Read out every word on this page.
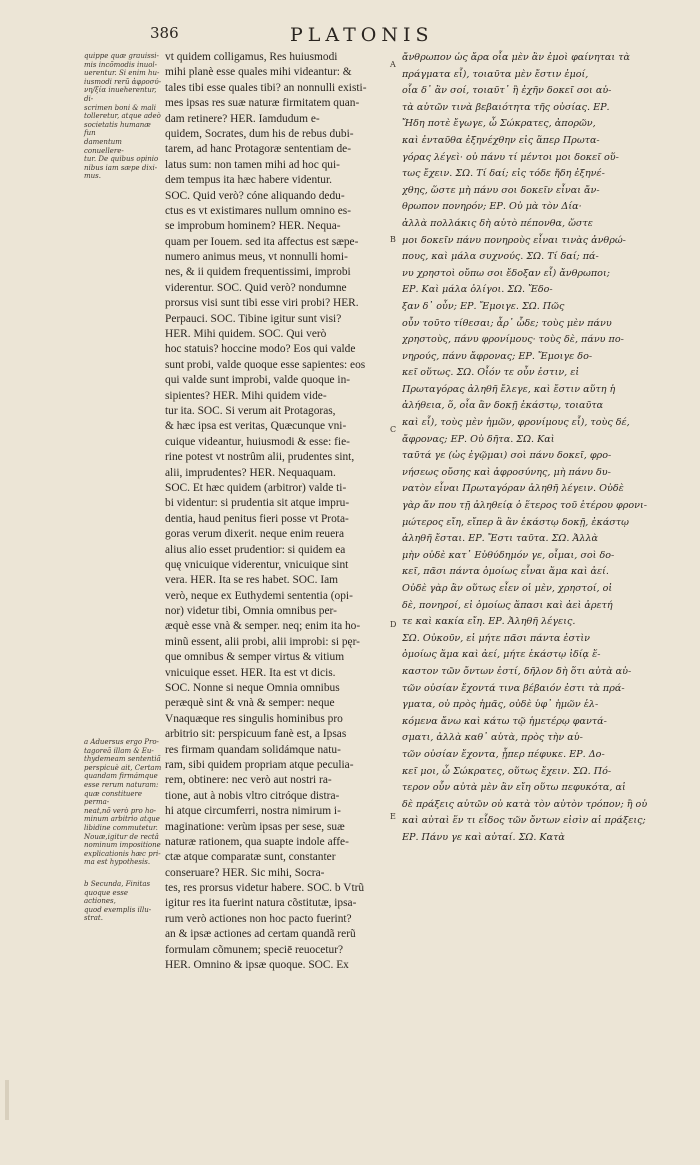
386	PLATONIS
quippe quæ grauissi-
mis incõmodis inuol-
uerentur. Si enim hu-
iusmodi rerũ ἀφροσύ-
νη/ξία inueherentur, di-
scrimen boni & mali
tolleretur, atque adeò
societatis humanæ fun
damentum conuellere-
tur. De quibus opinio
nibus iam sæpe dixi-
mus.
a Aduersus ergo Pro-
tagoreã illam & Eu-
thydemeam sententiã
perspicuè ait, Certam
quandam firmámque
esse rerum naturam:
quæ constituere perma-
neat,nõ verò pro ho-
minum arbitrio atque
libidine commutetur.
Nouæ,igitur de rectâ
nominum impositione
explicationis hæc pri-
ma est hypothesis.
b Secunda, Finitas
quoque esse actiones,
quod exemplis illu-
strat.
vt quidem colligamus, Res huiusmodi
mihi planè esse quales mihi videantur: &
tales tibi esse quales tibi? an nonnulli existi-
mes ipsas res suæ naturæ firmitatem quan-
dam retinere? HER. Iamdudum e-
quidem, Socrates, dum his de rebus dubi-
tarem, ad hanc Protagoræ sententiam de-
latus sum: non tamen mihi ad hoc qui-
dem tempus ita hæc habere videntur.
SOC. Quid verò? cóne aliquando dedu-
ctus es vt existimares nullum omnino es-
se improbum hominem? HER. Nequa-
quam per Iouem. sed ita affectus est sæpe-
numero animus meus, vt nonnulli homi-
nes, & ii quidem frequentissimi, improbi
viderentur. SOC. Quid verò? nondumne
prorsus visi sunt tibi esse viri probi? HER.
Perpauci. SOC. Tibine igitur sunt visi?
HER. Mihi quidem. SOC. Qui verò
hoc statuis? hoccine modo? Eos qui valde
sunt probi, valde quoque esse sapientes: eos
qui valde sunt improbi, valde quoque in-
sipientes? HER. Mihi quidem vide-
tur ita. SOC. Si verum ait Protagoras,
& hæc ipsa est veritas, Quæcunque vni-
cuique videantur, huiusmodi & esse: fie-
rine potest vt nostrûm alii, prudentes sint,
alii, imprudentes? HER. Nequaquam.
SOC. Et hæc quidem (arbitror) valde ti-
bi videntur: si prudentia sit atque impru-
dentia, haud penitus fieri posse vt Prota-
goras verum dixerit. neque enim reuera
alius alio esset prudentior: si quidem ea
quę vnicuique viderentur, vnicuique sint
vera. HER. Ita se res habet. SOC. Iam
verò, neque ex Euthydemi sententia (opi-
nor) videtur tibi, Omnia omnibus per-
æquè esse vnà & semper. neq; enim ita ho-
minũ essent, alii probi, alii improbi: si pęr-
que omnibus & semper virtus & vitium
vnicuique esset. HER. Ita est vt dicis.
SOC. Nonne si neque Omnia omnibus
peræquè sint & vnà & semper: neque
Vnaquæque res singulis hominibus pro
arbitrio sit: perspicuum fanè est, a Ipsas
res firmam quandam solidámque natu-
ram, sibi quidem propriam atque peculia-
rem, obtinere: nec verò aut nostri ra-
tione, aut à nobis vltro citróque distra-
hi atque circumferri, nostra nimirum i-
maginatione: verùm ipsas per sese, suæ
naturæ rationem, qua suapte indole affe-
ctæ atque comparatæ sunt, constanter
conseruare? HER. Sic mihi, Socra-
tes, res prorsus videtur habere. SOC. b Vtrũ
igitur res ita fuerint natura cõstitutæ, ipsa-
rum verò actiones non hoc pacto fuerint?
an & ipsæ actiones ad certam quandã rerũ
formulam cõmunem; speciē reuocetur?
HER. Omnino & ipsæ quoque. SOC. Ex
A
B
C
D
E
ἄνθρωπον ὡς ἄρα οἷα μὲν ἂν ἐμοὶ φαίνηται τὰ
πράγματα εἶ), τοιαῦτα μὲν ἔστιν ἐμοί,
οἷα δ᾽ ἂν σοί, τοιαῦτ᾽ ἢ ἐχῆν δοκεῖ σοι αὐ-
τὰ αὐτῶν τινὰ βεβαιότητα τῆς οὐσίας. ΕΡ.
Ἤδη ποτὲ ἔγωγε, ὦ Σώκρατες, ἀπορῶν,
καὶ ἐνταῦθα ἐξηνέχθην εἰς ἅπερ Πρωτα-
γόρας λέγεὶ· οὐ πάνυ τί μέντοι μοι δοκεῖ οὕ-
τως ἔχειν. ΣΩ. Τί δαί; εἰς τόδε ἤδη ἐξηνέ-
χθης, ὥστε μὴ πάνυ σοι δοκεῖν εἶναι ἄν-
θρωπον πονηρόν; ΕΡ. Οὐ μὰ τὸν Δία·
ἀλλὰ πολλάκις δὴ αὐτὸ πέπονθα, ὥστε
μοι δοκεῖν πάνυ πονηροὺς εἶναι τινὰς ἀνθρώ-
πους, καὶ μάλα συχνούς. ΣΩ. Τί δαί; πά-
νυ χρηστοὶ οὔπω σοι ἔδοξαν εἶ) ἄνθρωποι;
ΕΡ. Καὶ μάλα ὀλίγοι. ΣΩ. Ἔδο-
ξαν δ᾽ οὖν; ΕΡ. Ἔμοιγε. ΣΩ. Πῶς
οὖν τοῦτο τίθεσαι; ἆρ᾽ ὧδε; τοὺς μὲν πάνυ
χρηστοὺς, πάνυ φρονίμους· τοὺς δὲ, πάνυ πο-
νηρούς, πάνυ ἄφρονας; ΕΡ. Ἔμοιγε δο-
κεῖ οὕτως. ΣΩ. Οἷόν τε οὖν ἐστιν, εἰ
Πρωταγόρας ἀληθῆ ἔλεγε, καὶ ἔστιν αὕτη ἡ
ἀλήθεια, ὅ, οἷα ἂν δοκῇ ἑκάστῳ, τοιαῦτα
καὶ εἶ), τοὺς μὲν ἡμῶν, φρονίμους εἶ), τοὺς δέ,
ἄφρονας; ΕΡ. Οὐ δῆτα. ΣΩ. Καὶ
ταῦτά γε (ὡς ἐγῷμαι) σοὶ πάνυ δοκεῖ, φρο-
νήσεως οὔσης καὶ ἀφροσύνης, μὴ πάνυ δυ-
νατὸν εἶναι Πρωταγόραν ἀληθῆ λέγειν. Οὐδὲ
γὰρ ἄν που τῇ ἀληθείᾳ ὁ ἕτερος τοῦ ἑτέρου φρονι-
μώτερος εἴη, εἴπερ ἃ ἂν ἑκάστῳ δοκῇ, ἑκάστῳ
ἀληθῆ ἔσται. ΕΡ. Ἔστι ταῦτα. ΣΩ. Ἀλλὰ
μὴν οὐδὲ κατ᾽ Εὐθύδημόν γε, οἶμαι, σοὶ δο-
κεῖ, πᾶσι πάντα ὁμοίως εἶναι ἅμα καὶ ἀεί.
Οὐδὲ γὰρ ἂν οὕτως εἶεν οἱ μὲν, χρηστοί, οἱ
δὲ, πονηροί, εἰ ὁμοίως ἅπασι καὶ ἀεὶ ἀρετή
τε καὶ κακία εἴη. ΕΡ. Ἀληθῆ λέγεις.
ΣΩ. Οὐκοῦν, εἰ μήτε πᾶσι πάντα ἐστὶν
ὁμοίως ἅμα καὶ ἀεί, μήτε ἑκάστῳ ἰδίᾳ ἕ-
καστον τῶν ὄντων ἐστί, δῆλον δὴ ὅτι αὐτὰ αὑ-
τῶν οὐσίαν ἔχοντά τινα βέβαιόν ἐστι τὰ πρά-
γματα, οὐ πρὸς ἡμᾶς, οὐδὲ ὑφ᾽ ἡμῶν ἑλ-
κόμενα ἄνω καὶ κάτω τῷ ἡμετέρῳ φαντά-
σματι, ἀλλὰ καθ᾽ αὑτὰ, πρὸς τὴν αὑ-
τῶν οὐσίαν ἔχοντα, ᾗπερ πέφυκε. ΕΡ. Δο-
κεῖ μοι, ὦ Σώκρατες, οὕτως ἔχειν. ΣΩ. Πό-
τερον οὖν αὐτὰ μὲν ἂν εἴη οὕτω πεφυκότα, αἱ
δὲ πράξεις αὐτῶν οὐ κατὰ τὸν αὐτὸν τρόπον; ἢ οὐ
καὶ αὐταὶ ἕν τι εἶδος τῶν ὄντων εἰσὶν αἱ πράξεις;
ΕΡ. Πάνυ γε καὶ αὐταί. ΣΩ. Κατὰ
